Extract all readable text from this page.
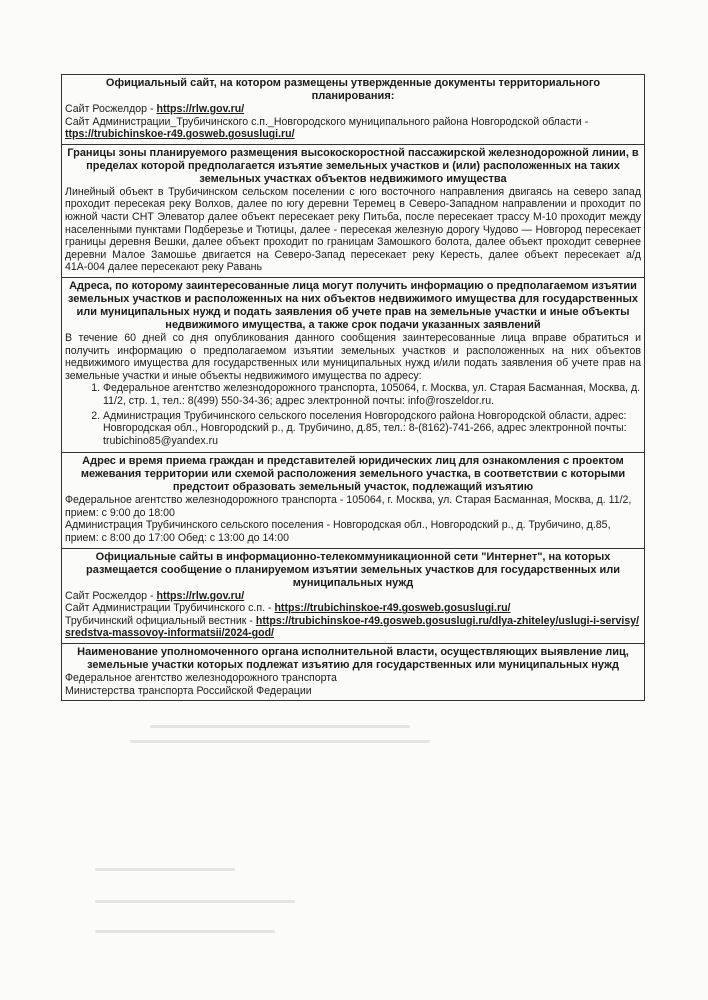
Официальный сайт, на котором размещены утвержденные документы территориального планирования:
Сайт Росжелдор - https://rlw.gov.ru/
Сайт Администрации_Трубичинского с.п._Новгородского муниципального района Новгородской области - ttps://trubichinskoe-r49.gosweb.gosuslugi.ru/
Границы зоны планируемого размещения высокоскоростной пассажирской железнодорожной линии, в пределах которой предполагается изъятие земельных участков и (или) расположенных на таких земельных участках объектов недвижимого имущества
Линейный объект в Трубичинском сельском поселении с юго восточного направления двигаясь на северо запад проходит пересекая реку Волхов, далее по югу деревни Теремец в Северо-Западном направлении и проходит по южной части СНТ Элеватор далее объект пересекает реку Питьба, после пересекает трассу М-10 проходит между населенными пунктами Подберезье и Тютицы, далее - пересекая железную дорогу Чудово — Новгород пересекает границы деревня Вешки, далее объект проходит по границам Замошкого болота, далее объект проходит севернее деревни Малое Замошье двигается на Северо-Запад пересекает реку Кересть, далее объект пересекает а/д 41А-004 далее пересекают реку Равань
Адреса, по которому заинтересованные лица могут получить информацию о предполагаемом изъятии земельных участков и расположенных на них объектов недвижимого имущества для государственных или муниципальных нужд и подать заявления об учете прав на земельные участки и иные объекты недвижимого имущества, а также срок подачи указанных заявлений
В течение 60 дней со дня опубликования данного сообщения заинтересованные лица вправе обратиться и получить информацию о предполагаемом изъятии земельных участков и расположенных на них объектов недвижимого имущества для государственных или муниципальных нужд и/или подать заявления об учете прав на земельные участки и иные объекты недвижимого имущества по адресу:
1. Федеральное агентство железнодорожного транспорта, 105064, г. Москва, ул. Старая Басманная, Москва, д. 11/2, стр. 1, тел.: 8(499) 550-34-36; адрес электронной почты: info@roszeldor.ru.
2. Администрация Трубичинского сельского поселения Новгородского района Новгородской области, адрес: Новгородская обл., Новгородский р., д. Трубичино, д.85, тел.: 8-(8162)-741-266, адрес электронной почты: trubichino85@yandex.ru
Адрес и время приема граждан и представителей юридических лиц для ознакомления с проектом межевания территории или схемой расположения земельного участка, в соответствии с которыми предстоит образовать земельный участок, подлежащий изъятию
Федеральное агентство железнодорожного транспорта - 105064, г. Москва, ул. Старая Басманная, Москва, д. 11/2, прием: с 9:00 до 18:00
Администрация Трубичинского сельского поселения - Новгородская обл., Новгородский р., д. Трубичино, д.85, прием: с 8:00 до 17:00 Обед: с 13:00 до 14:00
Официальные сайты в информационно-телекоммуникационной сети "Интернет", на которых размещается сообщение о планируемом изъятии земельных участков для государственных или муниципальных нужд
Сайт Росжелдор - https://rlw.gov.ru/
Сайт Администрации Трубичинского с.п. - https://trubichinskoe-r49.gosweb.gosuslugi.ru/
Трубичинский официальный вестник - https://trubichinskoe-r49.gosweb.gosuslugi.ru/dlya-zhiteley/uslugi-i-servisy/sredstva-massovoy-informatsii/2024-god/
Наименование уполномоченного органа исполнительной власти, осуществляющих выявление лиц, земельные участки которых подлежат изъятию для государственных или муниципальных нужд
Федеральное агентство железнодорожного транспорта
Министерства транспорта Российской Федерации
